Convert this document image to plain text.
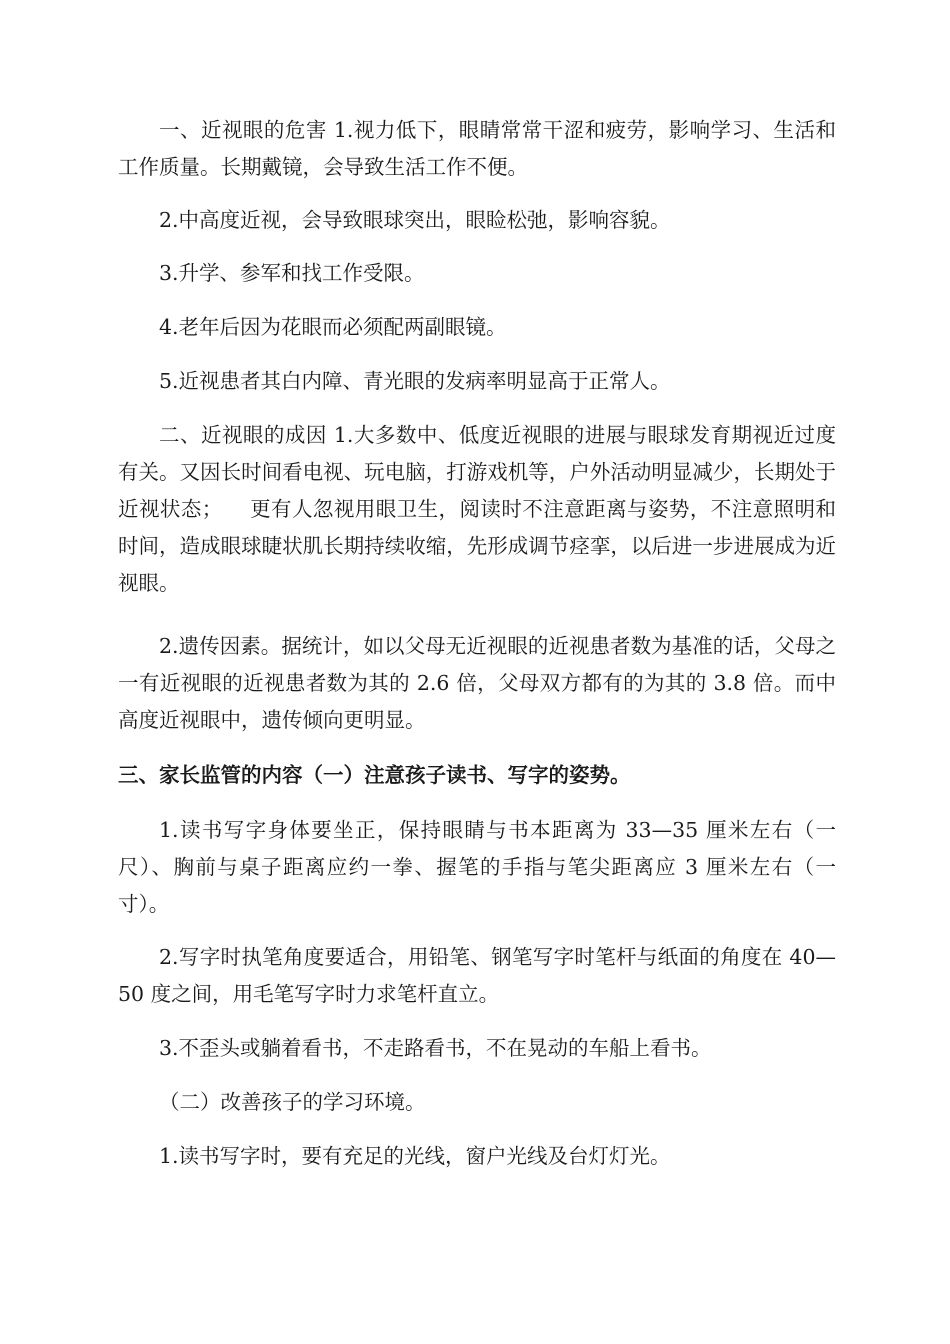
一、近视眼的危害 1.视力低下，眼睛常常干涩和疲劳，影响学习、生活和工作质量。长期戴镜，会导致生活工作不便。

2.中高度近视，会导致眼球突出，眼睑松弛，影响容貌。

3.升学、参军和找工作受限。

4.老年后因为花眼而必须配两副眼镜。

5.近视患者其白内障、青光眼的发病率明显高于正常人。

二、近视眼的成因 1.大多数中、低度近视眼的进展与眼球发育期视近过度有关。又因长时间看电视、玩电脑，打游戏机等，户外活动明显减少，长期处于近视状态；    更有人忽视用眼卫生，阅读时不注意距离与姿势，不注意照明和时间，造成眼球睫状肌长期持续收缩，先形成调节痉挛，以后进一步进展成为近视眼。

2.遗传因素。据统计，如以父母无近视眼的近视患者数为基准的话，父母之一有近视眼的近视患者数为其的 2.6 倍，父母双方都有的为其的 3.8 倍。而中高度近视眼中，遗传倾向更明显。

三、家长监管的内容（一）注意孩子读书、写字的姿势。

1.读书写字身体要坐正，保持眼睛与书本距离为 33—35 厘米左右（一尺）、胸前与桌子距离应约一拳、握笔的手指与笔尖距离应 3 厘米左右（一寸）。

2.写字时执笔角度要适合，用铅笔、钢笔写字时笔杆与纸面的角度在 40—50 度之间，用毛笔写字时力求笔杆直立。

3.不歪头或躺着看书，不走路看书，不在晃动的车船上看书。

（二）改善孩子的学习环境。

1.读书写字时，要有充足的光线，窗户光线及台灯灯光。
